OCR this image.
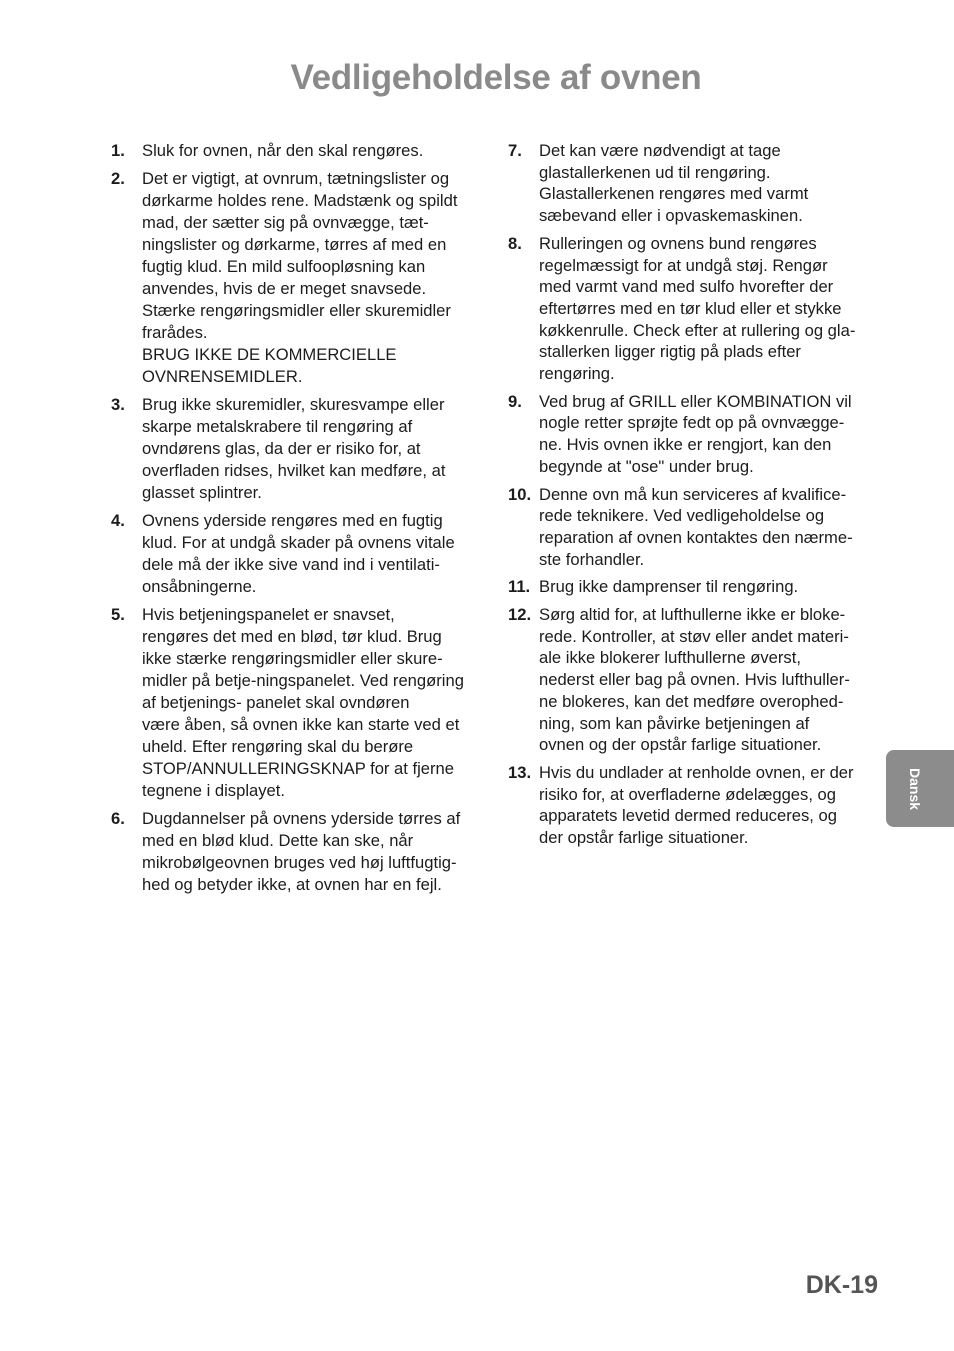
Vedligeholdelse af ovnen
1.	Sluk for ovnen, når den skal rengøres.
2.	Det er vigtigt, at ovnrum, tætningslister og
dørkarme holdes rene. Madstænk og spildt
mad, der sætter sig på ovnvægge, tæt-
ningslister og dørkarme, tørres af med en
fugtig klud. En mild sulfoopløsning kan
anvendes, hvis de er meget snavsede.
Stærke rengøringsmidler eller skuremidler
frarådes.
BRUG IKKE DE KOMMERCIELLE
OVNRENSEMIDLER.
3.	Brug ikke skuremidler, skuresvampe eller
skarpe metalskrabere til rengøring af
ovndørens glas, da der er risiko for, at
overfladen ridses, hvilket kan medføre, at
glasset splintrer.
4.	Ovnens yderside rengøres med en fugtig
klud. For at undgå skader på ovnens vitale
dele må der ikke sive vand ind i ventilati-
onsåbningerne.
5.	Hvis betjeningspanelet er snavset,
rengøres det med en blød, tør klud. Brug
ikke stærke rengøringsmidler eller skure-
midler på betje-ningspanelet. Ved rengøring
af betjenings- panelet skal ovndøren
være åben, så ovnen ikke kan starte ved et
uheld. Efter rengøring skal du berøre
STOP/ANNULLERINGSKNAP for at fjerne
tegnene i displayet.
6.	Dugdannelser på ovnens yderside tørres af
med en blød klud. Dette kan ske, når
mikrobølgeovnen bruges ved høj luftfugtig-
hed og betyder ikke, at ovnen har en fejl.
7.	Det kan være nødvendigt at tage
glastallerkenen ud til rengøring.
Glastallerkenen rengøres med varmt
sæbevand eller i opvaskemaskinen.
8.	Rulleringen og ovnens bund rengøres
regelmæssigt for at undgå støj. Rengør
med varmt vand med sulfo hvorefter der
eftertørres med en tør klud eller et stykke
køkkenrulle. Check efter at rullering og gla-
stallerken ligger rigtig på plads efter
rengøring.
9.	Ved brug af GRILL eller KOMBINATION vil
nogle retter sprøjte fedt op på ovnvægge-
ne. Hvis ovnen ikke er rengjort, kan den
begynde at "ose" under brug.
10. Denne ovn må kun serviceres af kvalifice-
rede teknikere. Ved vedligeholdelse og
reparation af ovnen kontaktes den nærme-
ste forhandler.
11. Brug ikke damprenser til rengøring.
12. Sørg altid for, at lufthullerne ikke er bloke-
rede. Kontroller, at støv eller andet materi-
ale ikke blokerer lufthullerne øverst,
nederst eller bag på ovnen. Hvis lufthuller-
ne blokeres, kan det medføre overophed-
ning, som kan påvirke betjeningen af
ovnen og der opstår farlige situationer.
13. Hvis du undlader at renholde ovnen, er der
risiko for, at overfladerne ødelægges, og
apparatets levetid dermed reduceres, og
der opstår farlige situationer.
Dansk
DK-19
